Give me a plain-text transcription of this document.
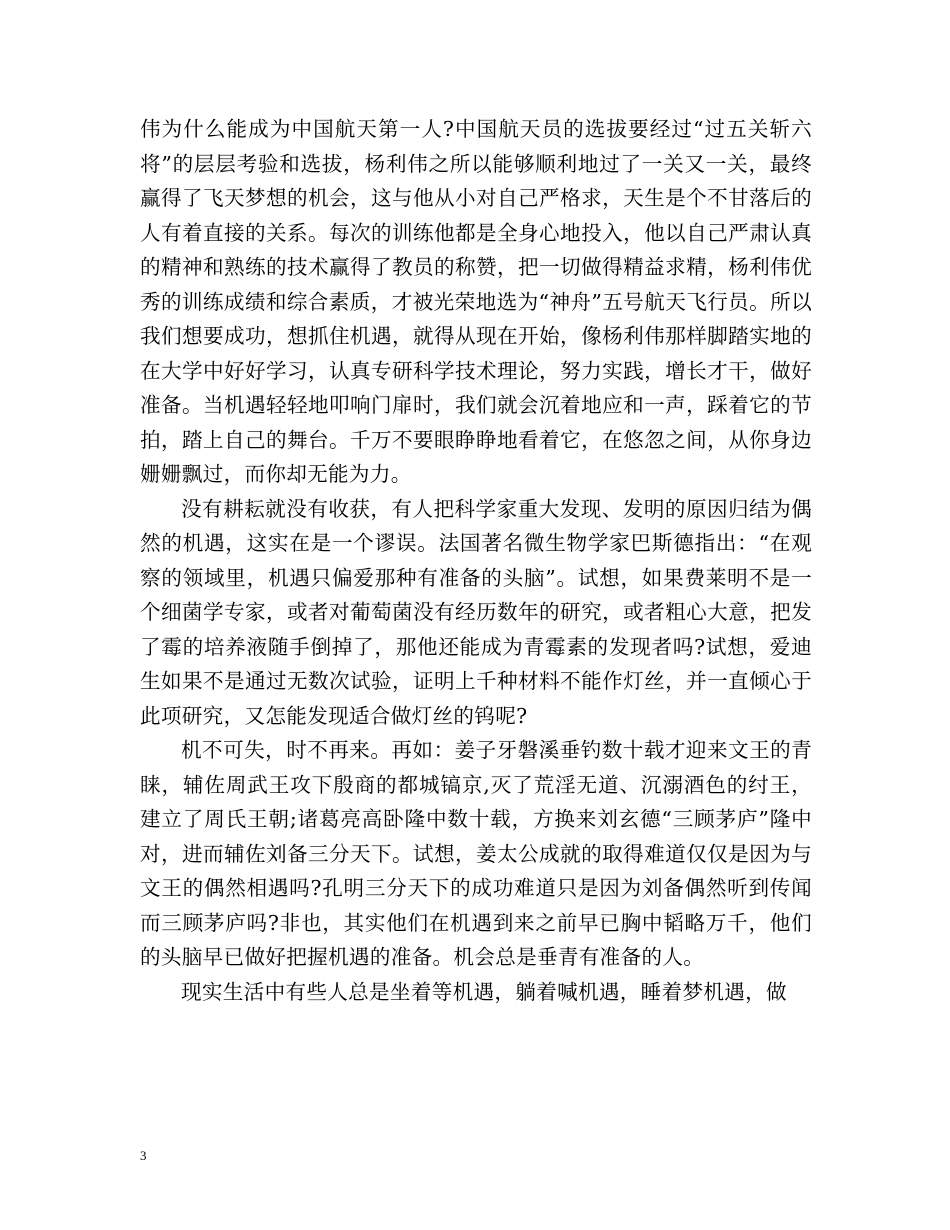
伟为什么能成为中国航天第一人?中国航天员的选拔要经过“过五关斩六将”的层层考验和选拔，杨利伟之所以能够顺利地过了一关又一关，最终赢得了飞天梦想的机会，这与他从小对自己严格求，天生是个不甘落后的人有着直接的关系。每次的训练他都是全身心地投入，他以自己严肃认真的精神和熟练的技术赢得了教员的称赞，把一切做得精益求精，杨利伟优秀的训练成绩和综合素质，才被光荣地选为“神舟”五号航天飞行员。所以我们想要成功，想抓住机遇，就得从现在开始，像杨利伟那样脚踏实地的在大学中好好学习，认真专研科学技术理论，努力实践，增长才干，做好准备。当机遇轻轻地叩响门扉时，我们就会沉着地应和一声，踩着它的节拍，踏上自己的舞台。千万不要眼睁睁地看着它，在悠忽之间，从你身边姗姗飘过，而你却无能为力。

没有耕耘就没有收获，有人把科学家重大发现、发明的原因归结为偶然的机遇，这实在是一个谬误。法国著名微生物学家巴斯德指出：“在观察的领域里，机遇只偏爱那种有准备的头脑”。试想，如果费莱明不是一个细菌学专家，或者对葡萄菌没有经历数年的研究，或者粗心大意，把发了霉的培养液随手倒掉了，那他还能成为青霉素的发现者吗?试想，爱迪生如果不是通过无数次试验，证明上千种材料不能作灯丝，并一直倾心于此项研究，又怎能发现适合做灯丝的钨呢?

机不可失，时不再来。再如：姜子牙磐溪垂钓数十载才迎来文王的青睐，辅佐周武王攻下殷商的都城镐京,灭了荒淫无道、沉溺酒色的纣王，建立了周氏王朝;诸葛亮高卧隆中数十载，方换来刘玄德“三顾茅庐”隆中对，进而辅佐刘备三分天下。试想，姜太公成就的取得难道仅仅是因为与文王的偶然相遇吗?孔明三分天下的成功难道只是因为刘备偶然听到传闻而三顾茅庐吗?非也，其实他们在机遇到来之前早已胸中韬略万千，他们的头脑早已做好把握机遇的准备。机会总是垂青有准备的人。

现实生活中有些人总是坐着等机遇，躺着喊机遇，睡着梦机遇，做

3
